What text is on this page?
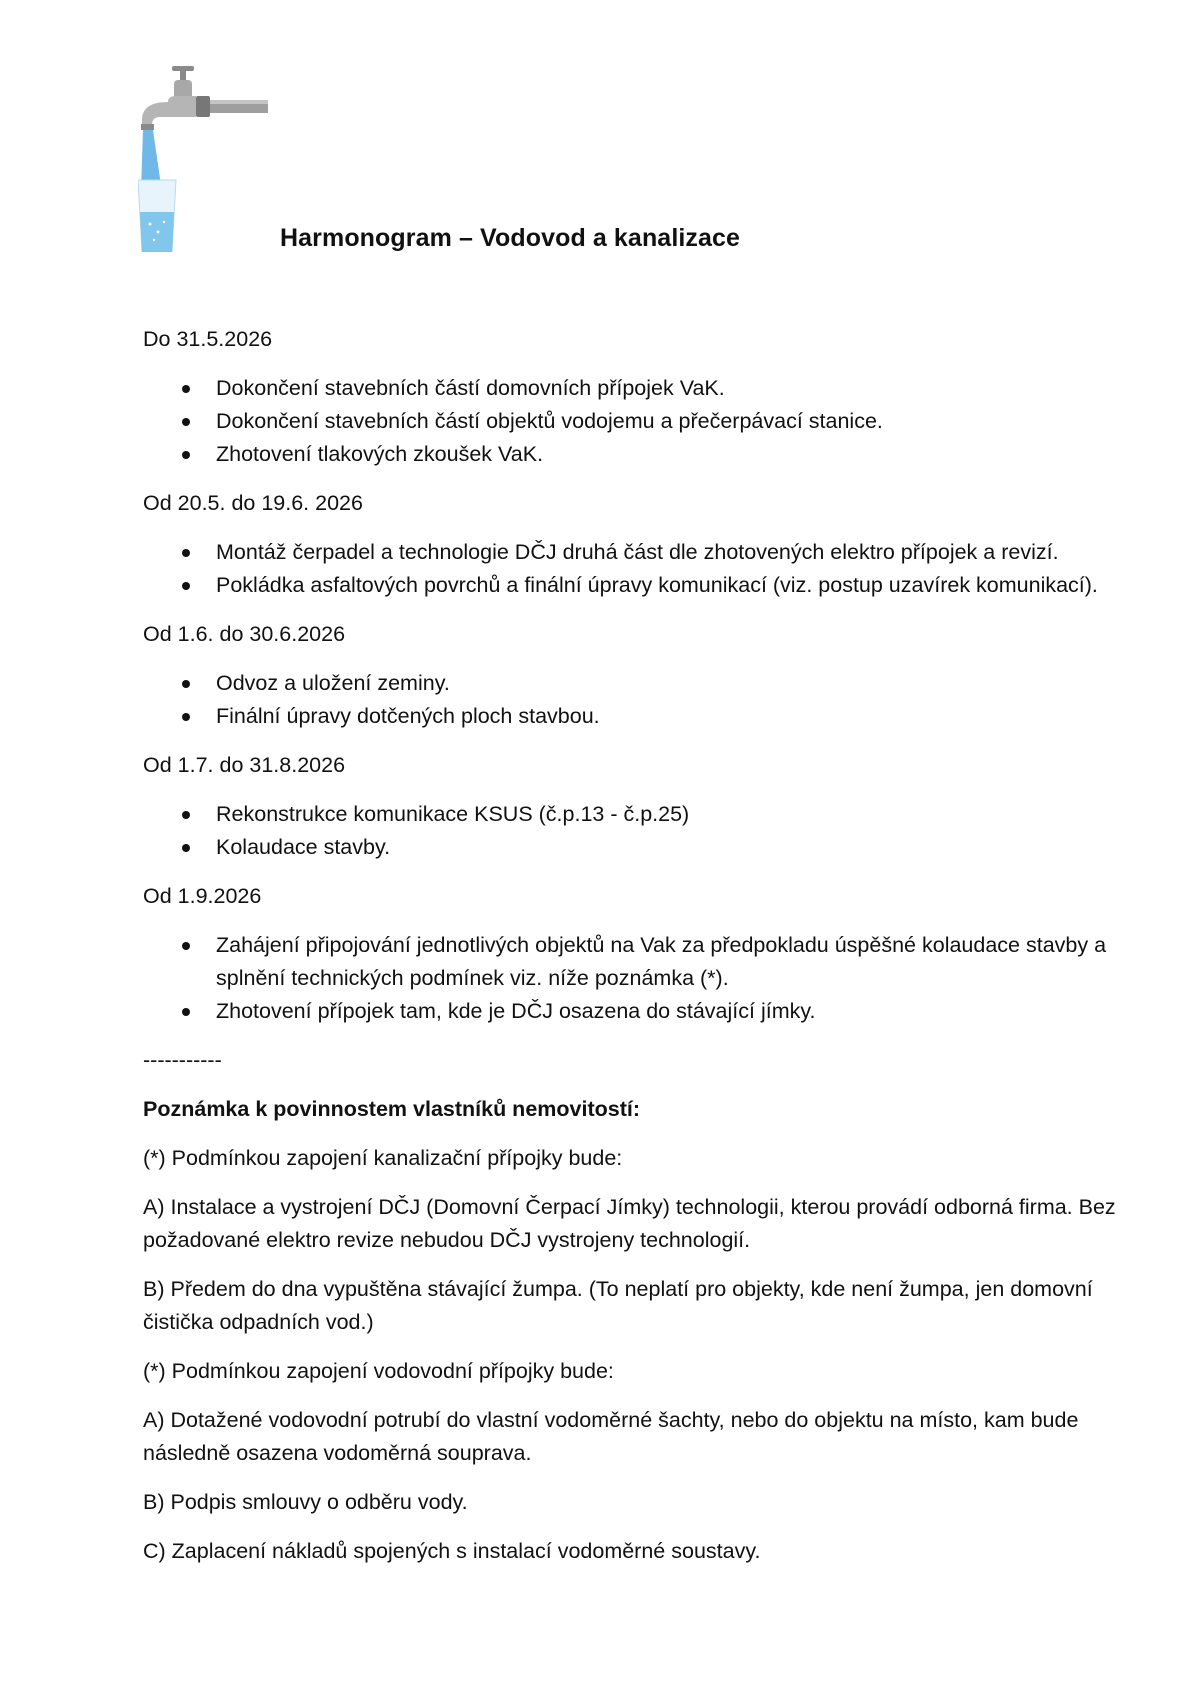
Harmonogram – Vodovod a kanalizace

Do 31.5.2026

Dokončení stavebních částí domovních přípojek VaK.
Dokončení stavebních částí objektů vodojemu a přečerpávací stanice.
Zhotovení tlakových zkoušek VaK.

Od 20.5. do 19.6. 2026

Montáž čerpadel a technologie DČJ druhá část dle zhotovených elektro přípojek a revizí.
Pokládka asfaltových povrchů a finální úpravy komunikací (viz. postup uzavírek komunikací).

Od 1.6. do 30.6.2026

Odvoz a uložení zeminy.
Finální úpravy dotčených ploch stavbou.

Od 1.7. do 31.8.2026

Rekonstrukce komunikace KSUS (č.p.13 - č.p.25)
Kolaudace stavby.

Od 1.9.2026

Zahájení připojování jednotlivých objektů na Vak za předpokladu úspěšné kolaudace stavby a splnění technických podmínek viz. níže poznámka (*).
Zhotovení přípojek tam, kde je DČJ osazena do stávající jímky.

-----------

Poznámka k povinnostem vlastníků nemovitostí:

(*) Podmínkou zapojení kanalizační přípojky bude:

A) Instalace a vystrojení DČJ (Domovní Čerpací Jímky) technologii, kterou provádí odborná firma. Bez požadované elektro revize nebudou DČJ vystrojeny technologií.

B) Předem do dna vypuštěna stávající žumpa. (To neplatí pro objekty, kde není žumpa, jen domovní čistička odpadních vod.)

(*) Podmínkou zapojení vodovodní přípojky bude:

A) Dotažené vodovodní potrubí do vlastní vodoměrné šachty, nebo do objektu na místo, kam bude následně osazena vodoměrná souprava.

B) Podpis smlouvy o odběru vody.

C) Zaplacení nákladů spojených s instalací vodoměrné soustavy.
